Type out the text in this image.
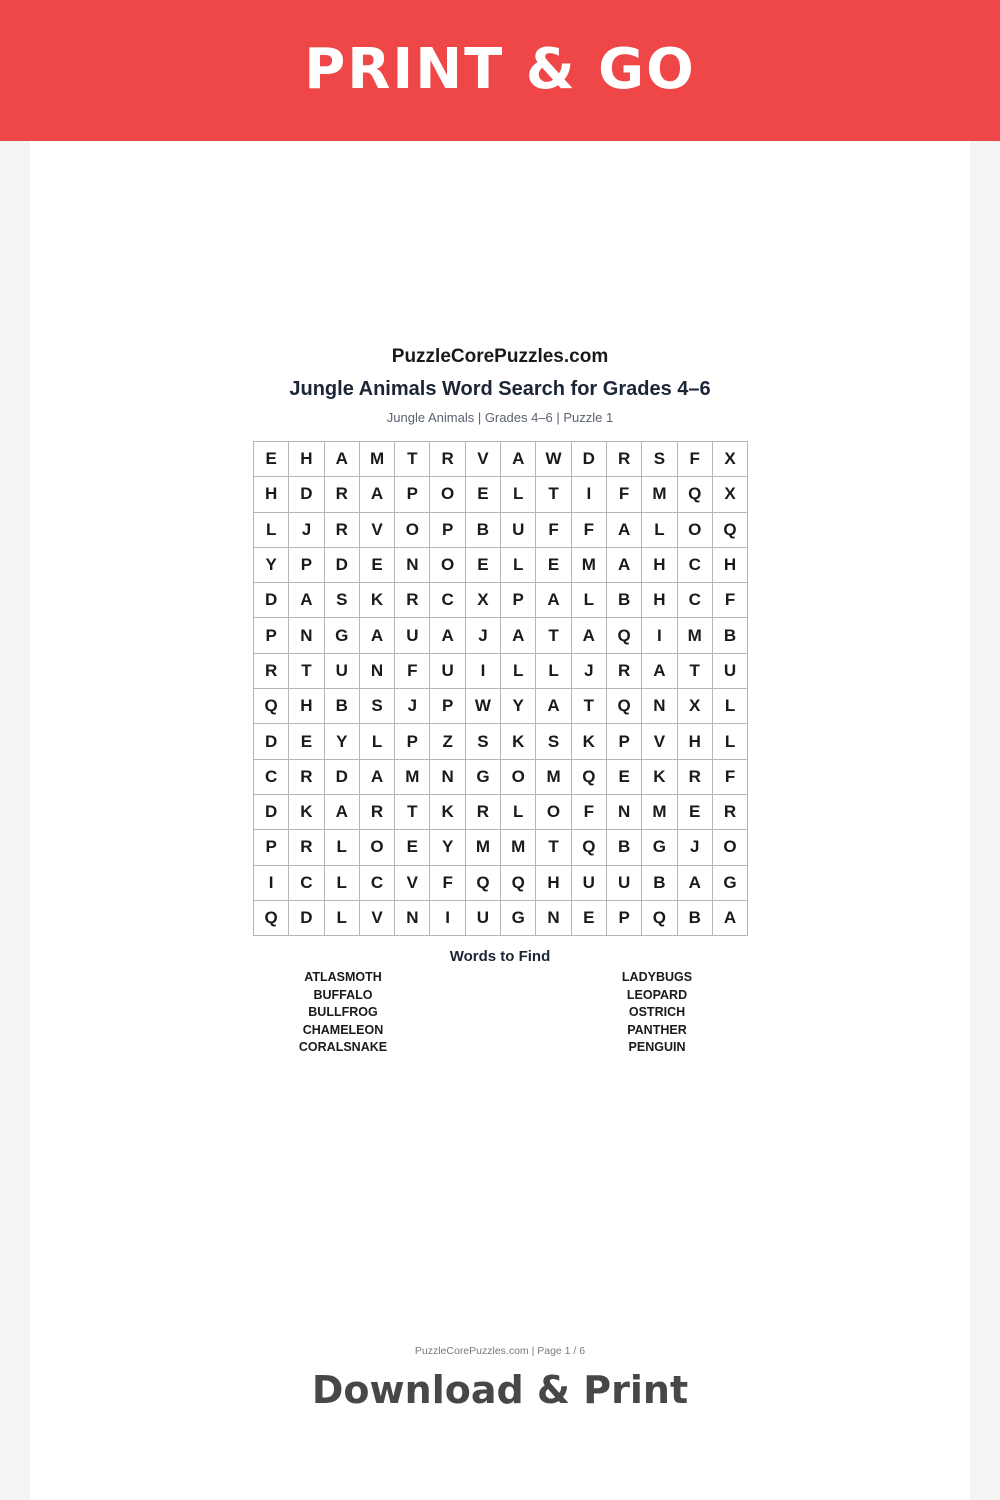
PRINT & GO
PuzzleCorePuzzles.com
Jungle Animals Word Search for Grades 4–6
Jungle Animals | Grades 4–6 | Puzzle 1
E	H	A	M	T	R	V	A	W	D	R	S	F	X
H	D	R	A	P	O	E	L	T	I	F	M	Q	X
L	J	R	V	O	P	B	U	F	F	A	L	O	Q
Y	P	D	E	N	O	E	L	E	M	A	H	C	H
D	A	S	K	R	C	X	P	A	L	B	H	C	F
P	N	G	A	U	A	J	A	T	A	Q	I	M	B
R	T	U	N	F	U	I	L	L	J	R	A	T	U
Q	H	B	S	J	P	W	Y	A	T	Q	N	X	L
D	E	Y	L	P	Z	S	K	S	K	P	V	H	L
C	R	D	A	M	N	G	O	M	Q	E	K	R	F
D	K	A	R	T	K	R	L	O	F	N	M	E	R
P	R	L	O	E	Y	M	M	T	Q	B	G	J	O
I	C	L	C	V	F	Q	Q	H	U	U	B	A	G
Q	D	L	V	N	I	U	G	N	E	P	Q	B	A
Words to Find
ATLASMOTH
BUFFALO
BULLFROG
CHAMELEON
CORALSNAKE
LADYBUGS
LEOPARD
OSTRICH
PANTHER
PENGUIN
PuzzleCorePuzzles.com | Page 1 / 6
Download & Print
